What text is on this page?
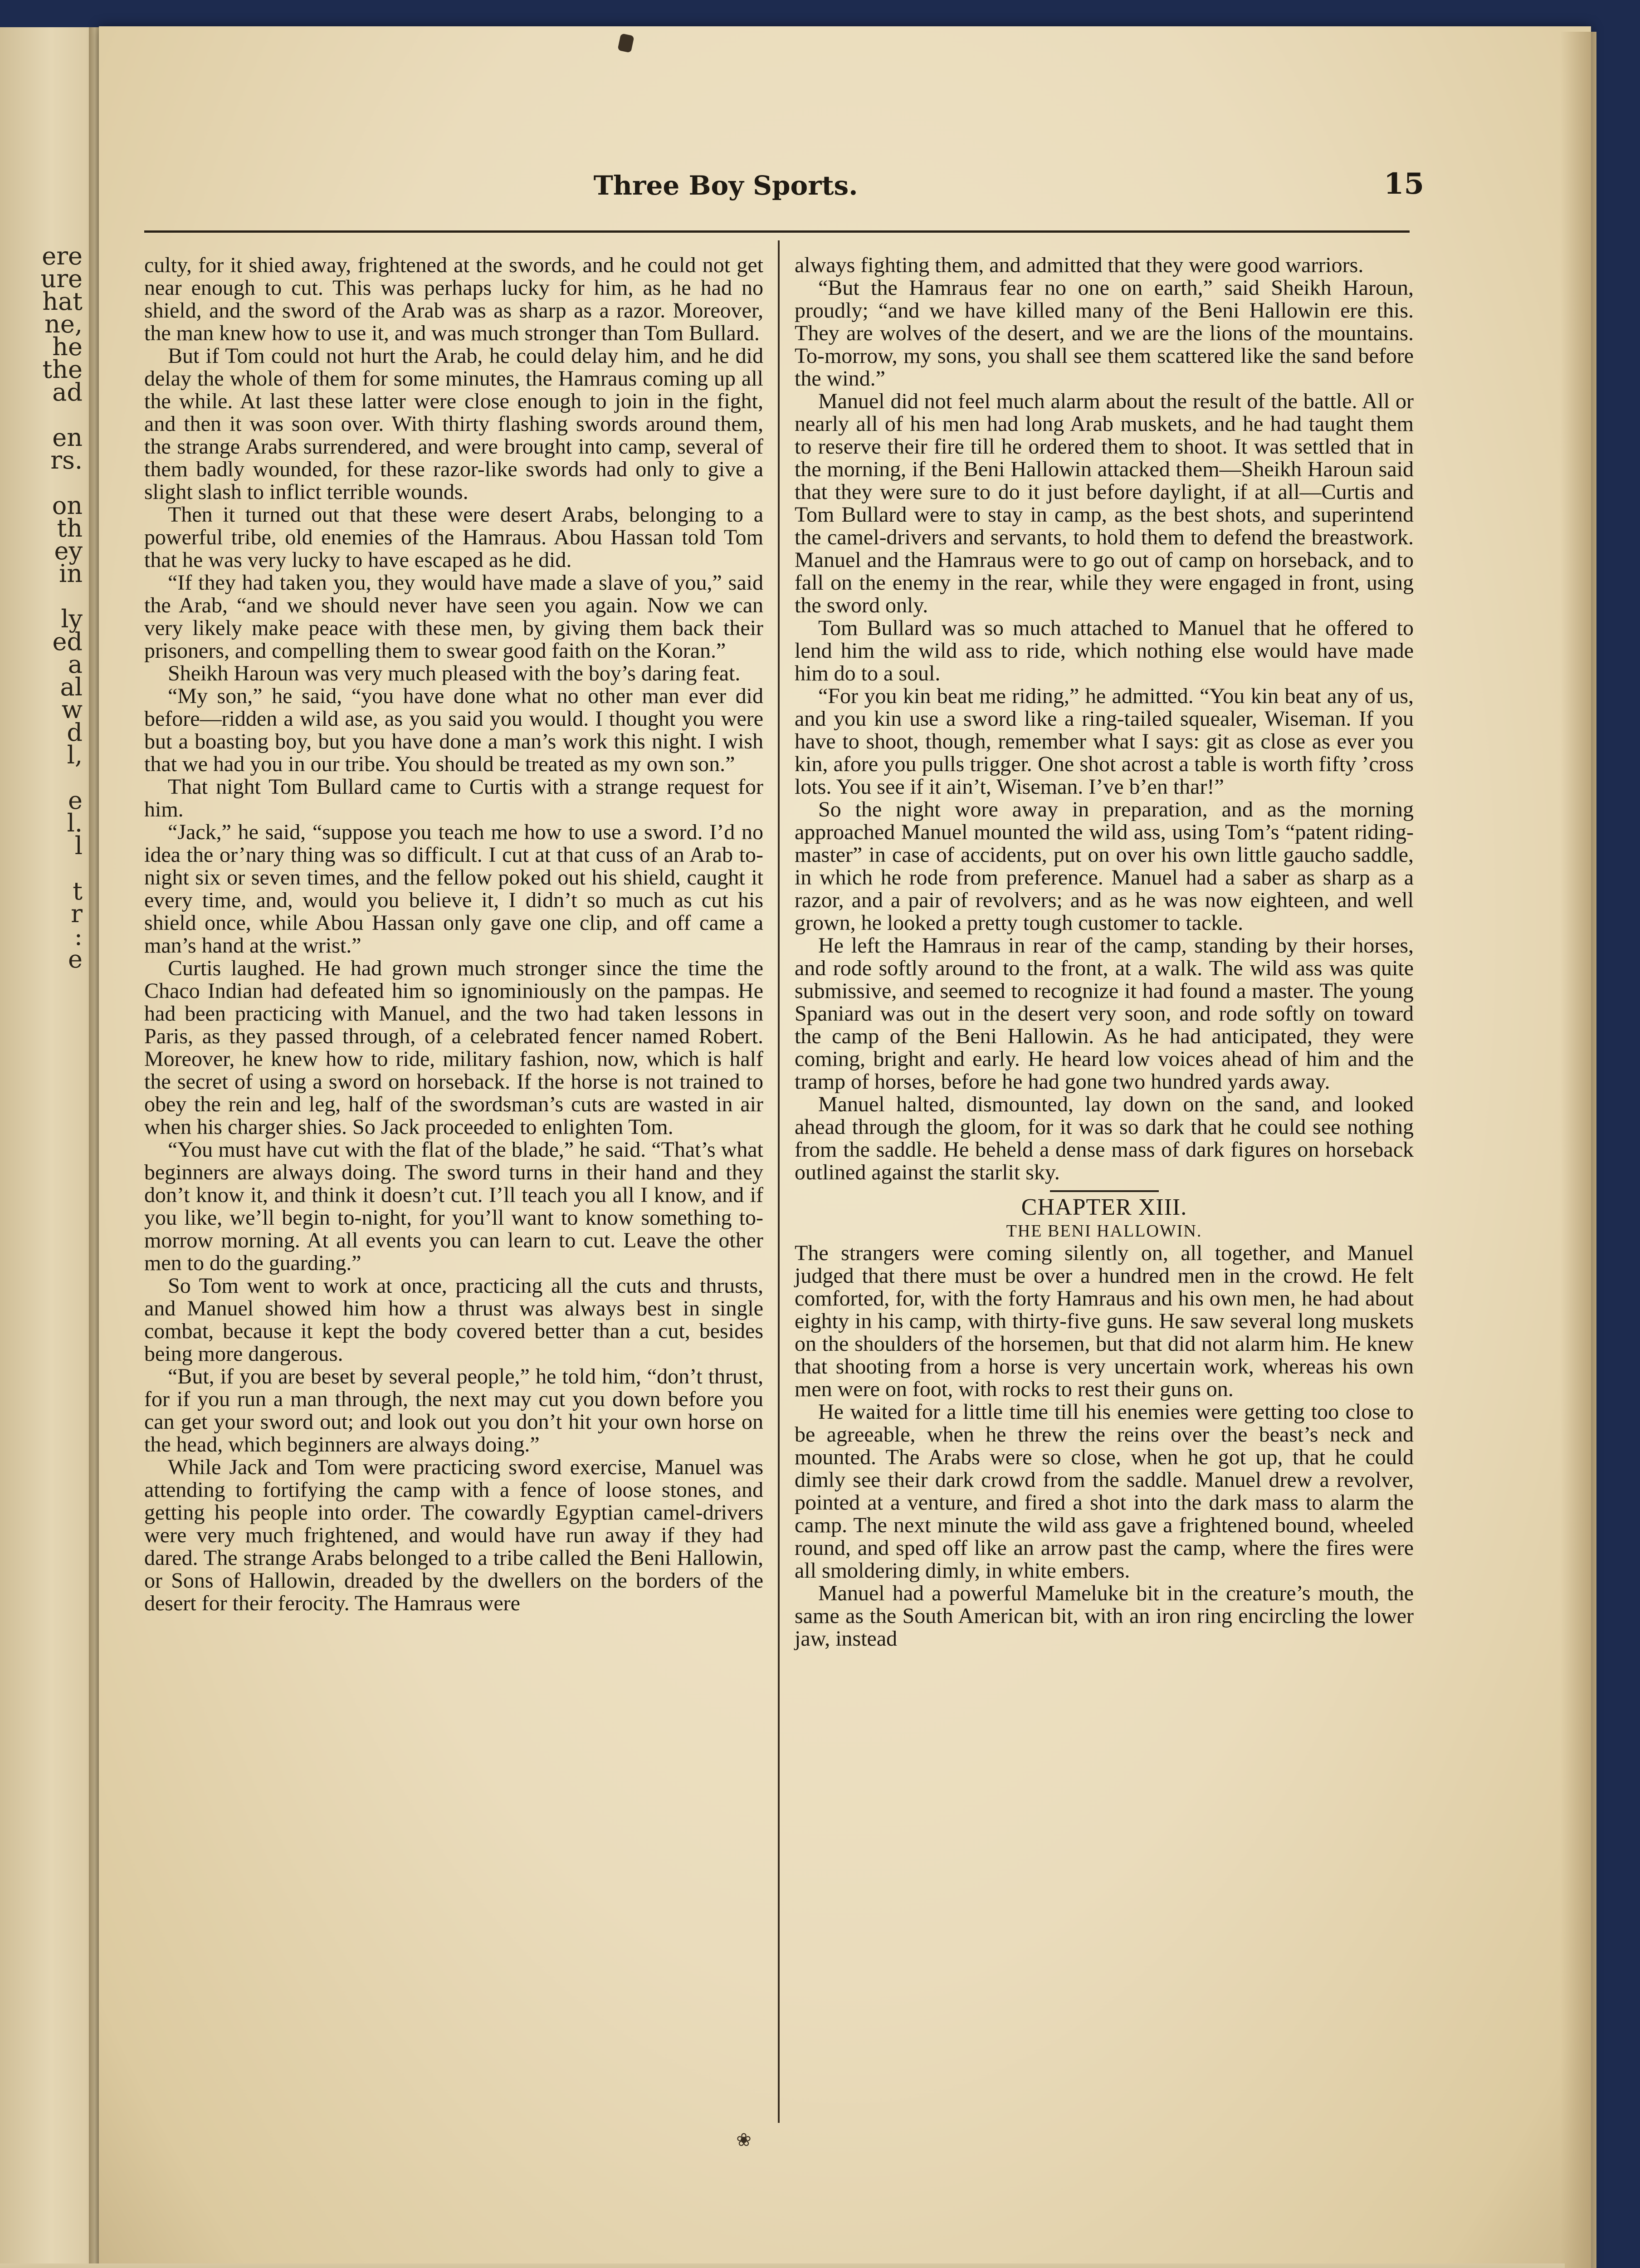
ere
ure
hat
ne,
he
the
ad
en
rs.
on
th
ey
in
ly
ed
a
al
w
d
l,
e
l.
l
t
r
:
e
Three Boy Sports.	15

culty, for it shied away, frightened at the swords, and he could not get near enough to cut. This was perhaps lucky for him, as he had no shield, and the sword of the Arab was as sharp as a razor. Moreover, the man knew how to use it, and was much stronger than Tom Bullard.

But if Tom could not hurt the Arab, he could delay him, and he did delay the whole of them for some minutes, the Hamraus coming up all the while. At last these latter were close enough to join in the fight, and then it was soon over. With thirty flashing swords around them, the strange Arabs surrendered, and were brought into camp, several of them badly wounded, for these razor-like swords had only to give a slight slash to inflict terrible wounds.

Then it turned out that these were desert Arabs, belonging to a powerful tribe, old enemies of the Hamraus. Abou Hassan told Tom that he was very lucky to have escaped as he did.

“If they had taken you, they would have made a slave of you,” said the Arab, “and we should never have seen you again. Now we can very likely make peace with these men, by giving them back their prisoners, and compelling them to swear good faith on the Koran.”

Sheikh Haroun was very much pleased with the boy’s daring feat.

“My son,” he said, “you have done what no other man ever did before—ridden a wild ase, as you said you would. I thought you were but a boasting boy, but you have done a man’s work this night. I wish that we had you in our tribe. You should be treated as my own son.”

That night Tom Bullard came to Curtis with a strange request for him.

“Jack,” he said, “suppose you teach me how to use a sword. I’d no idea the or’nary thing was so difficult. I cut at that cuss of an Arab to-night six or seven times, and the fellow poked out his shield, caught it every time, and, would you believe it, I didn’t so much as cut his shield once, while Abou Hassan only gave one clip, and off came a man’s hand at the wrist.”

Curtis laughed. He had grown much stronger since the time the Chaco Indian had defeated him so ignominiously on the pampas. He had been practicing with Manuel, and the two had taken lessons in Paris, as they passed through, of a celebrated fencer named Robert. Moreover, he knew how to ride, military fashion, now, which is half the secret of using a sword on horseback. If the horse is not trained to obey the rein and leg, half of the swordsman’s cuts are wasted in air when his charger shies. So Jack proceeded to enlighten Tom.

“You must have cut with the flat of the blade,” he said. “That’s what beginners are always doing. The sword turns in their hand and they don’t know it, and think it doesn’t cut. I’ll teach you all I know, and if you like, we’ll begin to-night, for you’ll want to know something to-morrow morning. At all events you can learn to cut. Leave the other men to do the guarding.”

So Tom went to work at once, practicing all the cuts and thrusts, and Manuel showed him how a thrust was always best in single combat, because it kept the body covered better than a cut, besides being more dangerous.

“But, if you are beset by several people,” he told him, “don’t thrust, for if you run a man through, the next may cut you down before you can get your sword out; and look out you don’t hit your own horse on the head, which beginners are always doing.”

While Jack and Tom were practicing sword exercise, Manuel was attending to fortifying the camp with a fence of loose stones, and getting his people into order. The cowardly Egyptian camel-drivers were very much frightened, and would have run away if they had dared. The strange Arabs belonged to a tribe called the Beni Hallowin, or Sons of Hallowin, dreaded by the dwellers on the borders of the desert for their ferocity. The Hamraus were

always fighting them, and admitted that they were good warriors.

“But the Hamraus fear no one on earth,” said Sheikh Haroun, proudly; “and we have killed many of the Beni Hallowin ere this. They are wolves of the desert, and we are the lions of the mountains. To-morrow, my sons, you shall see them scattered like the sand before the wind.”

Manuel did not feel much alarm about the result of the battle. All or nearly all of his men had long Arab muskets, and he had taught them to reserve their fire till he ordered them to shoot. It was settled that in the morning, if the Beni Hallowin attacked them—Sheikh Haroun said that they were sure to do it just before daylight, if at all—Curtis and Tom Bullard were to stay in camp, as the best shots, and superintend the camel-drivers and servants, to hold them to defend the breastwork. Manuel and the Hamraus were to go out of camp on horseback, and to fall on the enemy in the rear, while they were engaged in front, using the sword only.

Tom Bullard was so much attached to Manuel that he offered to lend him the wild ass to ride, which nothing else would have made him do to a soul.

“For you kin beat me riding,” he admitted. “You kin beat any of us, and you kin use a sword like a ring-tailed squealer, Wiseman. If you have to shoot, though, remember what I says: git as close as ever you kin, afore you pulls trigger. One shot acrost a table is worth fifty ’cross lots. You see if it ain’t, Wiseman. I’ve b’en thar!”

So the night wore away in preparation, and as the morning approached Manuel mounted the wild ass, using Tom’s “patent riding-master” in case of accidents, put on over his own little gaucho saddle, in which he rode from preference. Manuel had a saber as sharp as a razor, and a pair of revolvers; and as he was now eighteen, and well grown, he looked a pretty tough customer to tackle.

He left the Hamraus in rear of the camp, standing by their horses, and rode softly around to the front, at a walk. The wild ass was quite submissive, and seemed to recognize it had found a master. The young Spaniard was out in the desert very soon, and rode softly on toward the camp of the Beni Hallowin. As he had anticipated, they were coming, bright and early. He heard low voices ahead of him and the tramp of horses, before he had gone two hundred yards away.

Manuel halted, dismounted, lay down on the sand, and looked ahead through the gloom, for it was so dark that he could see nothing from the saddle. He beheld a dense mass of dark figures on horseback outlined against the starlit sky.

CHAPTER XIII.

THE BENI HALLOWIN.

The strangers were coming silently on, all together, and Manuel judged that there must be over a hundred men in the crowd. He felt comforted, for, with the forty Hamraus and his own men, he had about eighty in his camp, with thirty-five guns. He saw several long muskets on the shoulders of the horsemen, but that did not alarm him. He knew that shooting from a horse is very uncertain work, whereas his own men were on foot, with rocks to rest their guns on.

He waited for a little time till his enemies were getting too close to be agreeable, when he threw the reins over the beast’s neck and mounted. The Arabs were so close, when he got up, that he could dimly see their dark crowd from the saddle. Manuel drew a revolver, pointed at a venture, and fired a shot into the dark mass to alarm the camp. The next minute the wild ass gave a frightened bound, wheeled round, and sped off like an arrow past the camp, where the fires were all smoldering dimly, in white embers.

Manuel had a powerful Mameluke bit in the creature’s mouth, the same as the South American bit, with an iron ring encircling the lower jaw, instead

❀
